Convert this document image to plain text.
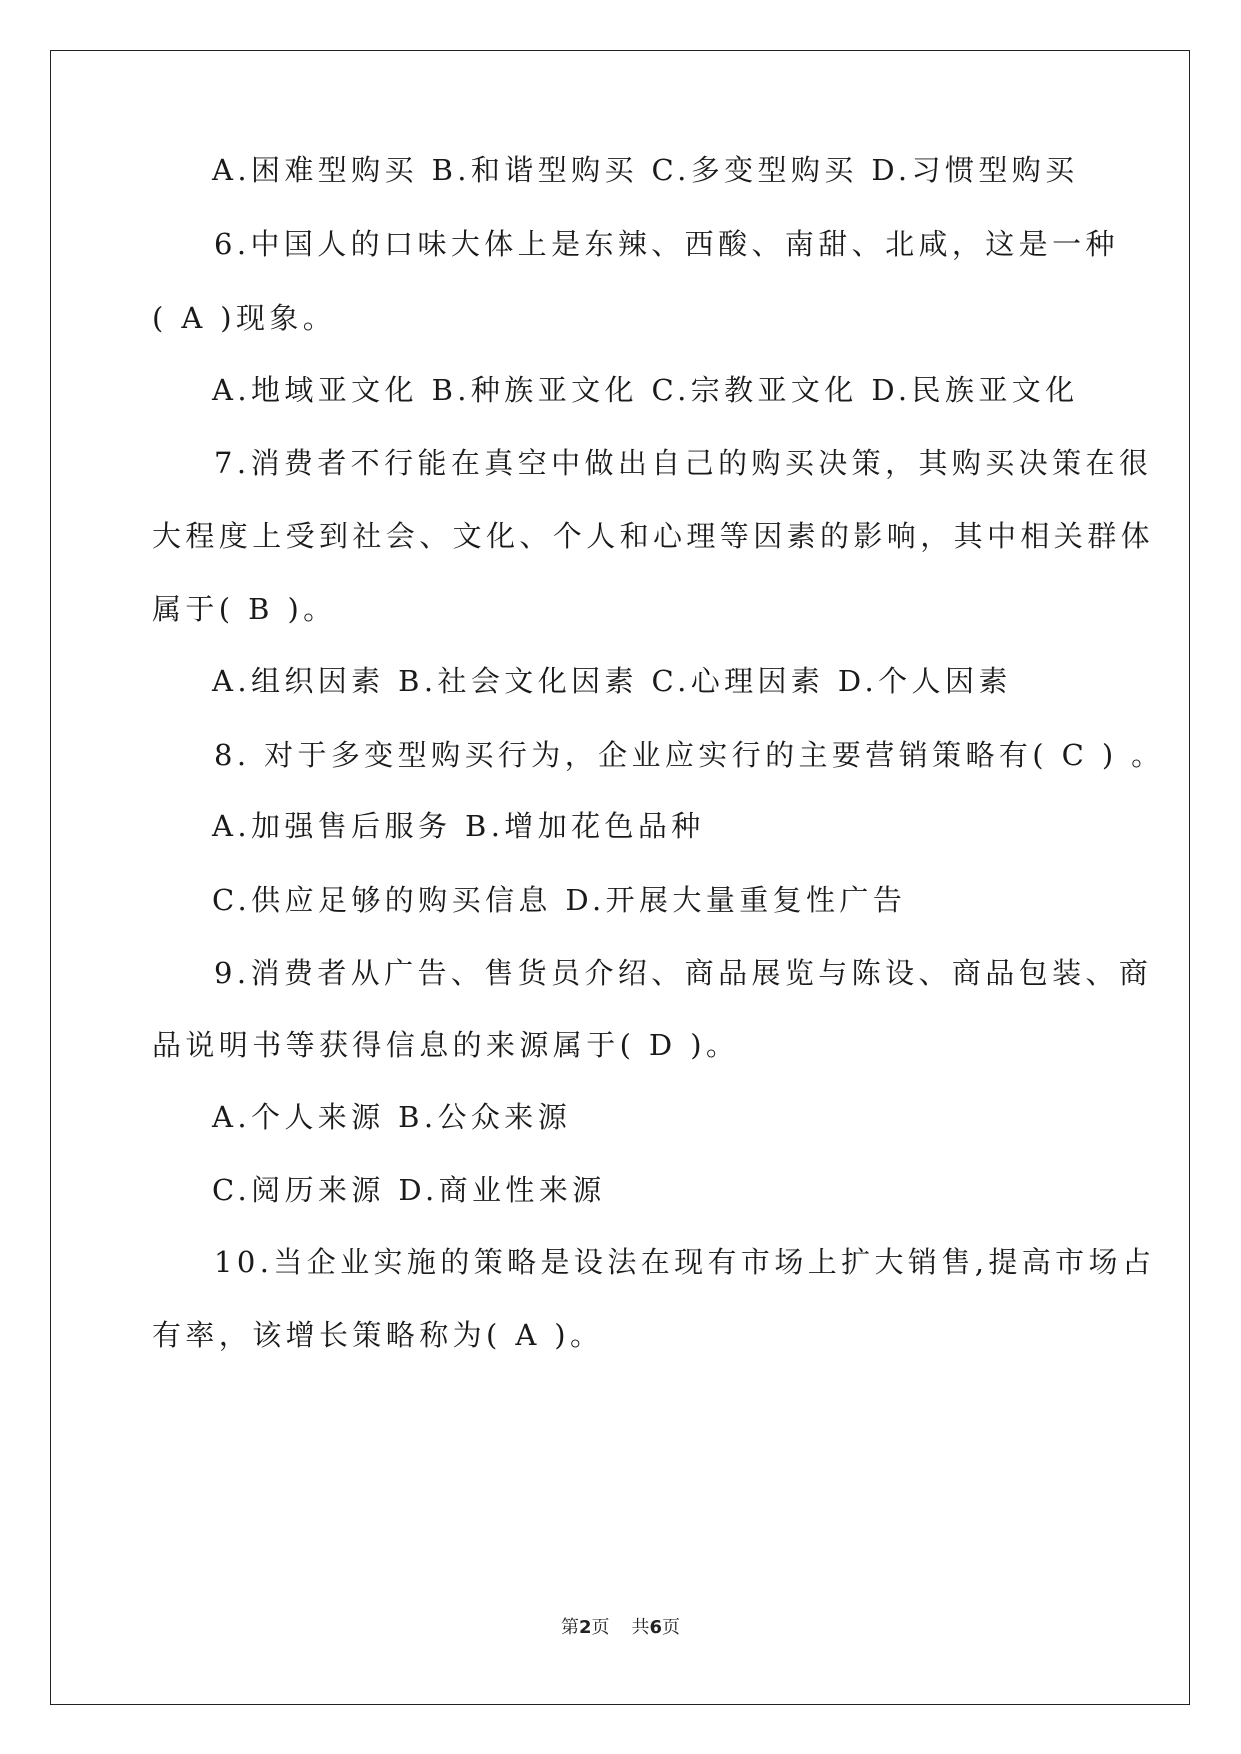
A.困难型购买 B.和谐型购买 C.多变型购买 D.习惯型购买
6.中国人的口味大体上是东辣、西酸、南甜、北咸，这是一种
( A )现象。
A.地域亚文化 B.种族亚文化 C.宗教亚文化 D.民族亚文化
7.消费者不行能在真空中做出自己的购买决策，其购买决策在很
大程度上受到社会、文化、个人和心理等因素的影响，其中相关群体
属于( B )。
A.组织因素 B.社会文化因素 C.心理因素 D.个人因素
8. 对于多变型购买行为，企业应实行的主要营销策略有( C ) 。
A.加强售后服务 B.增加花色品种
C.供应足够的购买信息 D.开展大量重复性广告
9.消费者从广告、售货员介绍、商品展览与陈设、商品包装、商
品说明书等获得信息的来源属于( D )。
A.个人来源 B.公众来源
C.阅历来源 D.商业性来源
10.当企业实施的策略是设法在现有市场上扩大销售,提高市场占
有率，该增长策略称为( A )。
第2页 共6页
